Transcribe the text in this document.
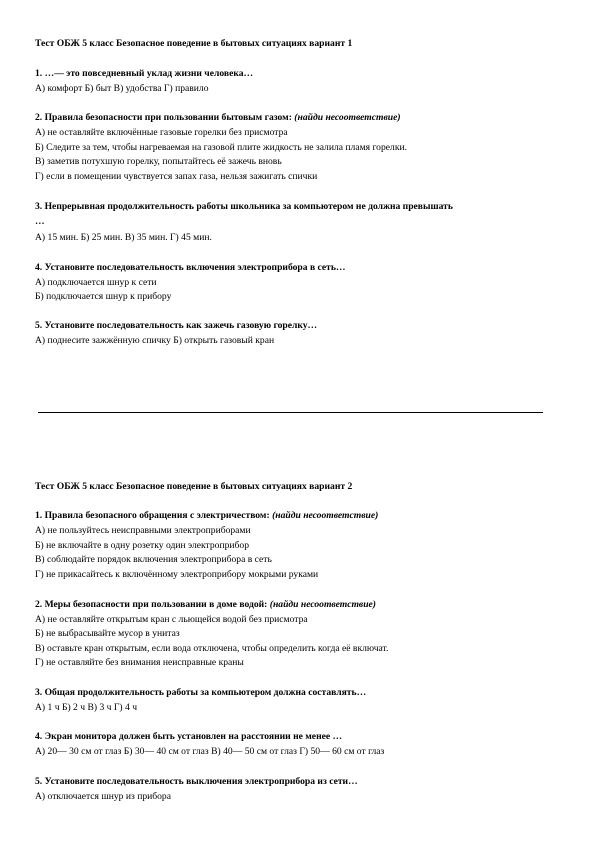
Тест ОБЖ 5 класс Безопасное поведение в бытовых ситуациях вариант 1
1. …— это повседневный уклад жизни человека…
А) комфорт Б) быт В) удобства Г) правило
2. Правила безопасности при пользовании бытовым газом: (найди несоответствие)
А) не оставляйте включённые газовые горелки без присмотра
Б) Следите за тем, чтобы нагреваемая на газовой плите жидкость не залила пламя горелки.
В) заметив потухшую горелку, попытайтесь её зажечь вновь
Г) если в помещении чувствуется запах газа, нельзя зажигать спички
3. Непрерывная продолжительность работы школьника за компьютером не должна превышать
…
А) 15 мин. Б) 25 мин. В) 35 мин. Г) 45 мин.
4. Установите последовательность включения электроприбора в сеть…
А) подключается шнур к сети
Б) подключается шнур к прибору
5. Установите последовательность как зажечь газовую горелку…
А) поднесите зажжённую спичку Б) открыть газовый кран
Тест ОБЖ 5 класс Безопасное поведение в бытовых ситуациях вариант 2
1. Правила безопасного обращения с электричеством: (найди несоответствие)
А) не пользуйтесь неисправными электроприборами
Б) не включайте в одну розетку один электроприбор
В) соблюдайте порядок включения электроприбора в сеть
Г) не прикасайтесь к включённому электроприбору мокрыми руками
2. Меры безопасности при пользовании в доме водой: (найди несоответствие)
А) не оставляйте открытым кран с льющейся водой без присмотра
Б) не выбрасывайте мусор в унитаз
В) оставьте кран открытым, если вода отключена, чтобы определить когда её включат.
Г) не оставляйте без внимания неисправные краны
3. Общая продолжительность работы за компьютером должна составлять…
А) 1 ч Б) 2 ч В) 3 ч Г) 4 ч
4. Экран монитора должен быть установлен на расстоянии не менее …
А) 20— 30 см от глаз Б) 30— 40 см от глаз В) 40— 50 см от глаз Г) 50— 60 см от глаз
5. Установите последовательность выключения электроприбора из сети…
А) отключается шнур из прибора
